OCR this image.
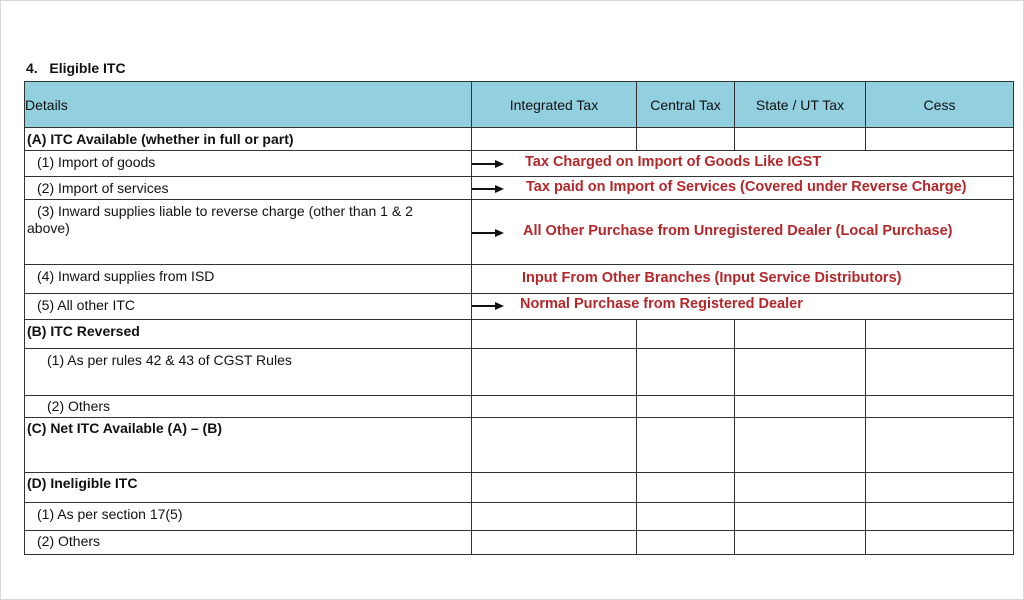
4. Eligible ITC
Details	Integrated Tax	Central Tax	State / UT Tax	Cess

(A) ITC Available (whether in full or part)				

(1) Import of goods	Tax Charged on Import of Goods Like IGST			

(2) Import of services	Tax paid on Import of Services (Covered under Reverse Charge)			

(3) Inward supplies liable to reverse charge (other than 1 & 2
above)	All Other Purchase from Unregistered Dealer (Local Purchase)			

(4) Inward supplies from ISD	Input From Other Branches (Input Service Distributors)			

(5) All other ITC	Normal Purchase from Registered Dealer			

(B) ITC Reversed				

(1) As per rules 42 & 43 of CGST Rules				

(2) Others				

(C) Net ITC Available (A) – (B)				

(D) Ineligible ITC				

(1) As per section 17(5)				

(2) Others				
